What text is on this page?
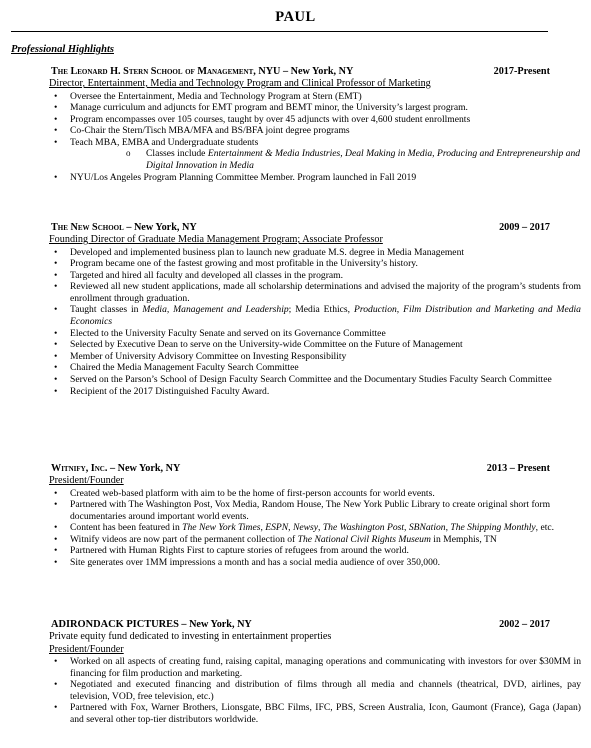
PAUL
Professional Highlights
The Leonard H. Stern School of Management, NYU – New York, NY	2017-Present
Director, Entertainment, Media and Technology Program and Clinical Professor of Marketing
• Oversee the Entertainment, Media and Technology Program at Stern (EMT)
• Manage curriculum and adjuncts for EMT program and BEMT minor, the University’s largest program.
• Program encompasses over 105 courses, taught by over 45 adjuncts with over 4,600 student enrollments
• Co-Chair the Stern/Tisch MBA/MFA and BS/BFA joint degree programs
• Teach MBA, EMBA and Undergraduate students
o Classes include Entertainment & Media Industries, Deal Making in Media, Producing and Entrepreneurship and Digital Innovation in Media
• NYU/Los Angeles Program Planning Committee Member. Program launched in Fall 2019
The New School – New York, NY	2009 – 2017
Founding Director of Graduate Media Management Program; Associate Professor
• Developed and implemented business plan to launch new graduate M.S. degree in Media Management
• Program became one of the fastest growing and most profitable in the University’s history.
• Targeted and hired all faculty and developed all classes in the program.
• Reviewed all new student applications, made all scholarship determinations and advised the majority of the program’s students from enrollment through graduation.
• Taught classes in Media, Management and Leadership; Media Ethics, Production, Film Distribution and Marketing and Media Economics
• Elected to the University Faculty Senate and served on its Governance Committee
• Selected by Executive Dean to serve on the University-wide Committee on the Future of Management
• Member of University Advisory Committee on Investing Responsibility
• Chaired the Media Management Faculty Search Committee
• Served on the Parson’s School of Design Faculty Search Committee and the Documentary Studies Faculty Search Committee
• Recipient of the 2017 Distinguished Faculty Award.
Witnify, Inc. – New York, NY	2013 – Present
President/Founder
• Created web-based platform with aim to be the home of first-person accounts for world events.
• Partnered with The Washington Post, Vox Media, Random House, The New York Public Library to create original short form documentaries around important world events.
• Content has been featured in The New York Times, ESPN, Newsy, The Washington Post, SBNation, The Shipping Monthly, etc.
• Witnify videos are now part of the permanent collection of The National Civil Rights Museum in Memphis, TN
• Partnered with Human Rights First to capture stories of refugees from around the world.
• Site generates over 1MM impressions a month and has a social media audience of over 350,000.
ADIRONDACK PICTURES – New York, NY	2002 – 2017
Private equity fund dedicated to investing in entertainment properties
President/Founder
• Worked on all aspects of creating fund, raising capital, managing operations and communicating with investors for over $30MM in financing for film production and marketing.
• Negotiated and executed financing and distribution of films through all media and channels (theatrical, DVD, airlines, pay television, VOD, free television, etc.)
• Partnered with Fox, Warner Brothers, Lionsgate, BBC Films, IFC, PBS, Screen Australia, Icon, Gaumont (France), Gaga (Japan) and several other top-tier distributors worldwide.
